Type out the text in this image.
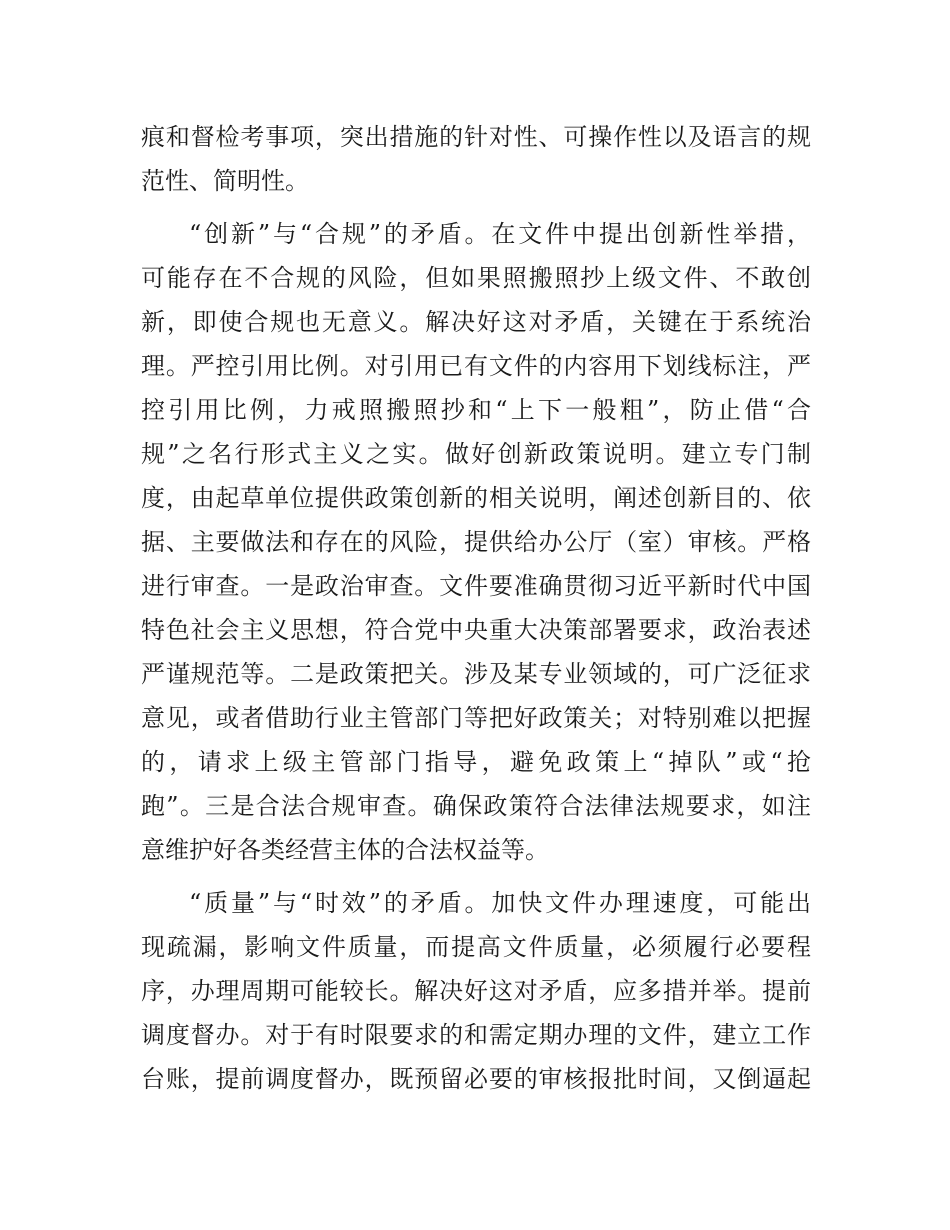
痕和督检考事项，突出措施的针对性、可操作性以及语言的规
范性、简明性。
“创新”与“合规”的矛盾。在文件中提出创新性举措，
可能存在不合规的风险，但如果照搬照抄上级文件、不敢创
新，即使合规也无意义。解决好这对矛盾，关键在于系统治
理。严控引用比例。对引用已有文件的内容用下划线标注，严
控引用比例，力戒照搬照抄和“上下一般粗”，防止借“合
规”之名行形式主义之实。做好创新政策说明。建立专门制
度，由起草单位提供政策创新的相关说明，阐述创新目的、依
据、主要做法和存在的风险，提供给办公厅（室）审核。严格
进行审查。一是政治审查。文件要准确贯彻习近平新时代中国
特色社会主义思想，符合党中央重大决策部署要求，政治表述
严谨规范等。二是政策把关。涉及某专业领域的，可广泛征求
意见，或者借助行业主管部门等把好政策关；对特别难以把握
的，请求上级主管部门指导，避免政策上“掉队”或“抢
跑”。三是合法合规审查。确保政策符合法律法规要求，如注
意维护好各类经营主体的合法权益等。
“质量”与“时效”的矛盾。加快文件办理速度，可能出
现疏漏，影响文件质量，而提高文件质量，必须履行必要程
序，办理周期可能较长。解决好这对矛盾，应多措并举。提前
调度督办。对于有时限要求的和需定期办理的文件，建立工作
台账，提前调度督办，既预留必要的审核报批时间，又倒逼起
